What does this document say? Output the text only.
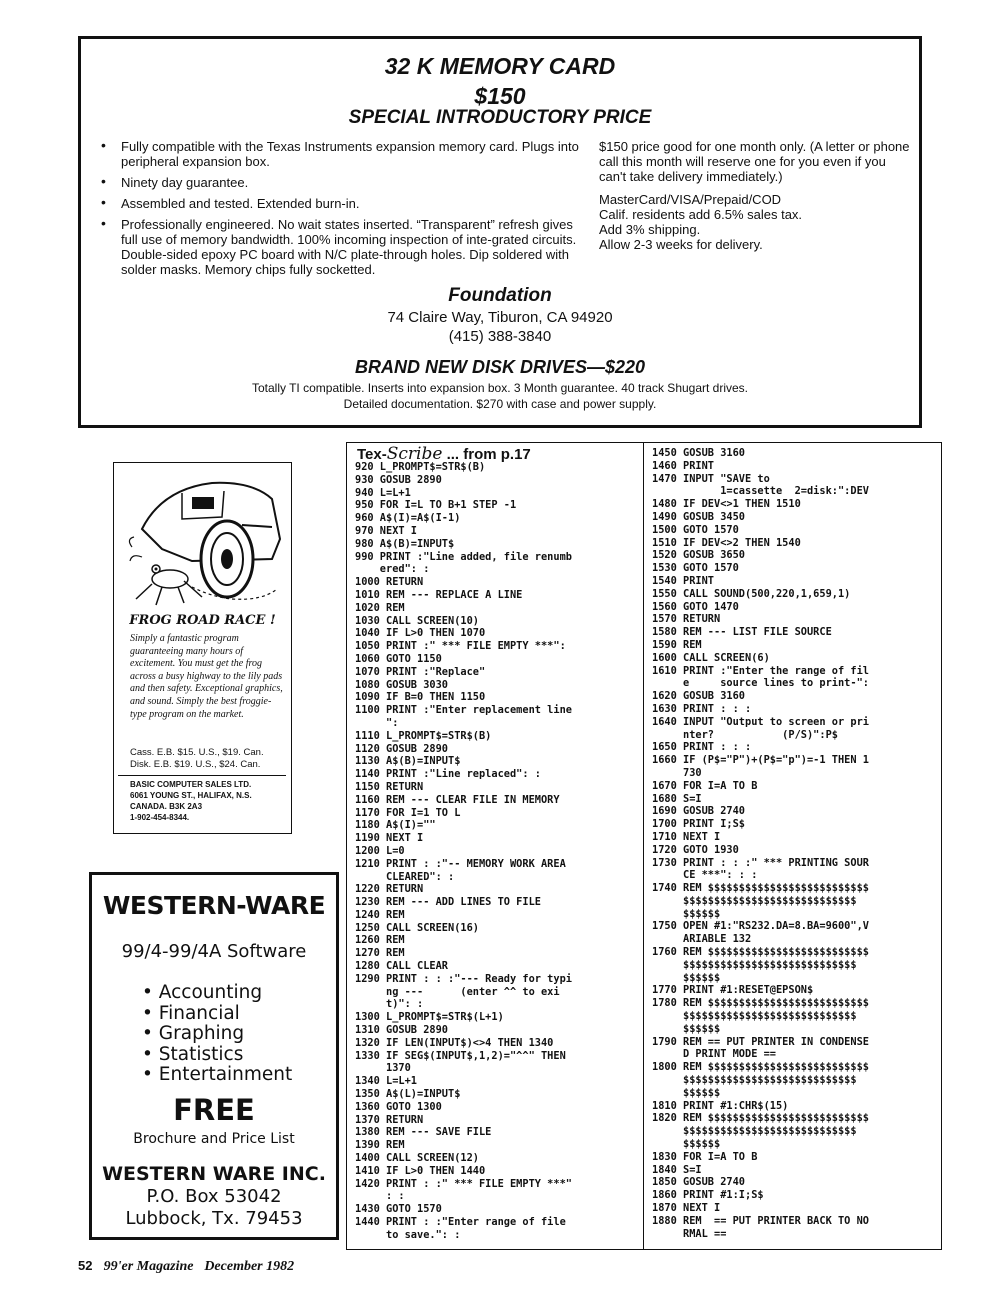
32 K MEMORY CARD
$150
SPECIAL INTRODUCTORY PRICE
• Fully compatible with the Texas Instruments expansion memory card. Plugs into peripheral expansion box.
• Ninety day guarantee.
• Assembled and tested. Extended burn-in.
• Professionally engineered. No wait states inserted. “Transparent” refresh gives full use of memory bandwidth. 100% incoming inspection of inte-grated circuits. Double-sided epoxy PC board with N/C plate-through holes. Dip soldered with solder masks. Memory chips fully socketted.

$150 price good for one month only. (A letter or phone call this month will reserve one for you even if you can't take delivery immediately.)

MasterCard/VISA/Prepaid/COD
Calif. residents add 6.5% sales tax.
Add 3% shipping.
Allow 2-3 weeks for delivery.
Foundation
74 Claire Way, Tiburon, CA 94920
(415) 388-3840
BRAND NEW DISK DRIVES—$220
Totally TI compatible. Inserts into expansion box. 3 Month guarantee. 40 track Shugart drives.
Detailed documentation. $270 with case and power supply.
FROG ROAD RACE !
Simply a fantastic program guaranteeing many hours of excitement. You must get the frog across a busy highway to the lily pads and then safety. Exceptional graphics, and sound. Simply the best froggie-type program on the market.
Cass. E.B. $15. U.S., $19. Can.
Disk. E.B. $19. U.S., $24. Can.
BASIC COMPUTER SALES LTD.
6061 YOUNG ST., HALIFAX, N.S.
CANADA. B3K 2A3
1-902-454-8344.
WESTERN-WARE
99/4-99/4A Software
• Accounting
• Financial
• Graphing
• Statistics
• Entertainment
FREE
Brochure and Price List
WESTERN WARE INC.
P.O. Box 53042
Lubbock, Tx. 79453
Tex-Scribe ... from p.17
920 L_PROMPT$=STR$(B)
930 GOSUB 2890
940 L=L+1
950 FOR I=L TO B+1 STEP -1
960 A$(I)=A$(I-1)
970 NEXT I
980 A$(B)=INPUT$
990 PRINT :"Line added, file renumb
ered": :
1000 RETURN
1010 REM --- REPLACE A LINE
1020 REM
1030 CALL SCREEN(10)
1040 IF L>0 THEN 1070
1050 PRINT :" *** FILE EMPTY ***":
1060 GOTO 1150
1070 PRINT :"Replace"
1080 GOSUB 3030
1090 IF B=0 THEN 1150
1100 PRINT :"Enter replacement line
":
1110 L_PROMPT$=STR$(B)
1120 GOSUB 2890
1130 A$(B)=INPUT$
1140 PRINT :"Line replaced": :
1150 RETURN
1160 REM --- CLEAR FILE IN MEMORY
1170 FOR I=1 TO L
1180 A$(I)=""
1190 NEXT I
1200 L=0
1210 PRINT : :"-- MEMORY WORK AREA
CLEARED": :
1220 RETURN
1230 REM --- ADD LINES TO FILE
1240 REM
1250 CALL SCREEN(16)
1260 REM
1270 REM
1280 CALL CLEAR
1290 PRINT : : :"--- Ready for typi
ng ---      (enter ^^ to exi
t)": :
1300 L_PROMPT$=STR$(L+1)
1310 GOSUB 2890
1320 IF LEN(INPUT$)<>4 THEN 1340
1330 IF SEG$(INPUT$,1,2)="^^" THEN
1370
1340 L=L+1
1350 A$(L)=INPUT$
1360 GOTO 1300
1370 RETURN
1380 REM --- SAVE FILE
1390 REM
1400 CALL SCREEN(12)
1410 IF L>0 THEN 1440
1420 PRINT : :" *** FILE EMPTY ***"
: :
1430 GOTO 1570
1440 PRINT : :"Enter range of file
to save.": :
1450 GOSUB 3160
1460 PRINT
1470 INPUT "SAVE to
1=cassette  2=disk:":DEV
1480 IF DEV<>1 THEN 1510
1490 GOSUB 3450
1500 GOTO 1570
1510 IF DEV<>2 THEN 1540
1520 GOSUB 3650
1530 GOTO 1570
1540 PRINT
1550 CALL SOUND(500,220,1,659,1)
1560 GOTO 1470
1570 RETURN
1580 REM --- LIST FILE SOURCE
1590 REM
1600 CALL SCREEN(6)
1610 PRINT :"Enter the range of fil
e     source lines to print-":
1620 GOSUB 3160
1630 PRINT : : :
1640 INPUT "Output to screen or pri
nter?           (P/S)":P$
1650 PRINT : : :
1660 IF (P$="P")+(P$="p")=-1 THEN 1
730
1670 FOR I=A TO B
1680 S=I
1690 GOSUB 2740
1700 PRINT I;S$
1710 NEXT I
1720 GOTO 1930
1730 PRINT : : :" *** PRINTING SOUR
CE ***": : :
1740 REM $$$$$$$$$$$$$$$$$$$$$$$$$$
$$$$$$$$$$$$$$$$$$$$$$$$$$$$
$$$$$$
1750 OPEN #1:"RS232.DA=8.BA=9600",V
ARIABLE 132
1760 REM $$$$$$$$$$$$$$$$$$$$$$$$$$
$$$$$$$$$$$$$$$$$$$$$$$$$$$$
$$$$$$
1770 PRINT #1:RESET@EPSON$
1780 REM $$$$$$$$$$$$$$$$$$$$$$$$$$
$$$$$$$$$$$$$$$$$$$$$$$$$$$$
$$$$$$
1790 REM == PUT PRINTER IN CONDENSE
D PRINT MODE ==
1800 REM $$$$$$$$$$$$$$$$$$$$$$$$$$
$$$$$$$$$$$$$$$$$$$$$$$$$$$$
$$$$$$
1810 PRINT #1:CHR$(15)
1820 REM $$$$$$$$$$$$$$$$$$$$$$$$$$
$$$$$$$$$$$$$$$$$$$$$$$$$$$$
$$$$$$
1830 FOR I=A TO B
1840 S=I
1850 GOSUB 2740
1860 PRINT #1:I;S$
1870 NEXT I
1880 REM  == PUT PRINTER BACK TO NO
RMAL ==
52 99'er Magazine December 1982
